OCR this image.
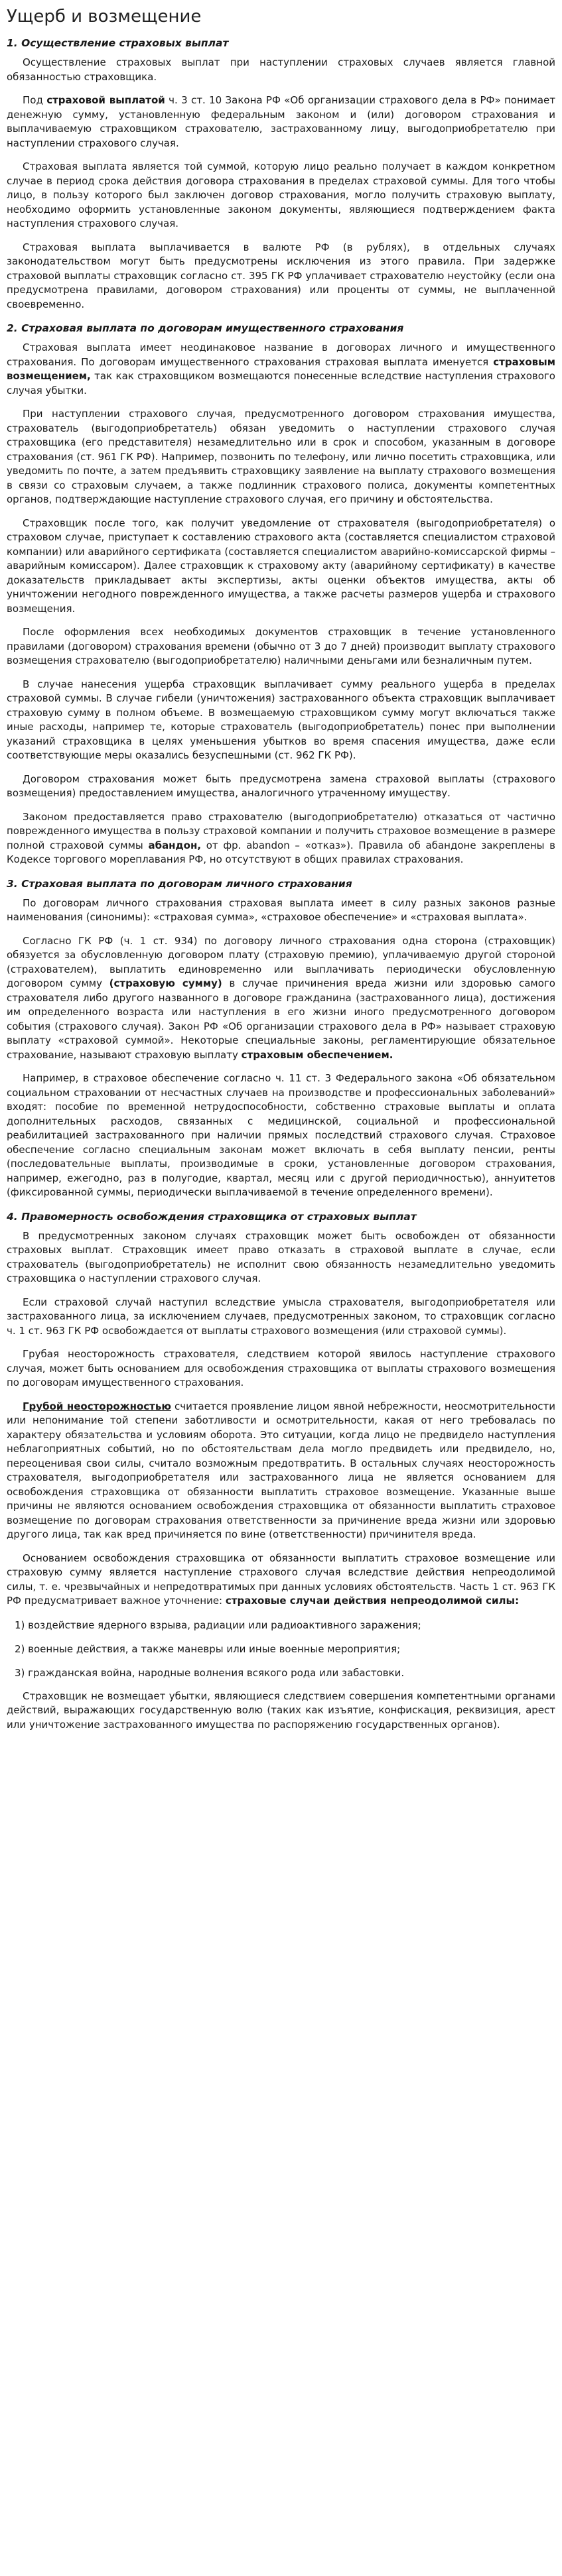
Ущерб и возмещение
1. Осуществление страховых выплат

Осуществление страховых выплат при наступлении страховых случаев является главной обязанностью страховщика.

Под страховой выплатой ч. 3 ст. 10 Закона РФ «Об организации страхового дела в РФ» понимает денежную сумму, установленную федеральным законом и (или) договором страхования и выплачиваемую страховщиком страхователю, застрахованному лицу, выгодоприобретателю при наступлении страхового случая.

Страховая выплата является той суммой, которую лицо реально получает в каждом конкретном случае в период срока действия договора страхования в пределах страховой суммы. Для того чтобы лицо, в пользу которого был заключен договор страхования, могло получить страховую выплату, необходимо оформить установленные законом документы, являющиеся подтверждением факта наступления страхового случая.

Страховая выплата выплачивается в валюте РФ (в рублях), в отдельных случаях законодательством могут быть предусмотрены исключения из этого правила. При задержке страховой выплаты страховщик согласно ст. 395 ГК РФ уплачивает страхователю неустойку (если она предусмотрена правилами, договором страхования) или проценты от суммы, не выплаченной своевременно.

2. Страховая выплата по договорам имущественного страхования

Страховая выплата имеет неодинаковое название в договорах личного и имущественного страхования. По договорам имущественного страхования страховая выплата именуется страховым возмещением, так как страховщиком возмещаются понесенные вследствие наступления страхового случая убытки.

При наступлении страхового случая, предусмотренного договором страхования имущества, страхователь (выгодоприобретатель) обязан уведомить о наступлении страхового случая страховщика (его представителя) незамедлительно или в срок и способом, указанным в договоре страхования (ст. 961 ГК РФ). Например, позвонить по телефону, или лично посетить страховщика, или уведомить по почте, а затем предъявить страховщику заявление на выплату страхового возмещения в связи со страховым случаем, а также подлинник страхового полиса, документы компетентных органов, подтверждающие наступление страхового случая, его причину и обстоятельства.

Страховщик после того, как получит уведомление от страхователя (выгодоприобретателя) о страховом случае, приступает к составлению страхового акта (составляется специалистом страховой компании) или аварийного сертификата (составляется специалистом аварийно-комиссарской фирмы – аварийным комиссаром). Далее страховщик к страховому акту (аварийному сертификату) в качестве доказательств прикладывает акты экспертизы, акты оценки объектов имущества, акты об уничтожении негодного поврежденного имущества, а также расчеты размеров ущерба и страхового возмещения.

После оформления всех необходимых документов страховщик в течение установленного правилами (договором) страхования времени (обычно от 3 до 7 дней) производит выплату страхового возмещения страхователю (выгодоприобретателю) наличными деньгами или безналичным путем.

В случае нанесения ущерба страховщик выплачивает сумму реального ущерба в пределах страховой суммы. В случае гибели (уничтожения) застрахованного объекта страховщик выплачивает страховую сумму в полном объеме. В возмещаемую страховщиком сумму могут включаться также иные расходы, например те, которые страхователь (выгодоприобретатель) понес при выполнении указаний страховщика в целях уменьшения убытков во время спасения имущества, даже если соответствующие меры оказались безуспешными (ст. 962 ГК РФ).

Договором страхования может быть предусмотрена замена страховой выплаты (страхового возмещения) предоставлением имущества, аналогичного утраченному имуществу.

Законом предоставляется право страхователю (выгодоприобретателю) отказаться от частично поврежденного имущества в пользу страховой компании и получить страховое возмещение в размере полной страховой суммы абандон, от фр. abandon – «отказ»). Правила об абандоне закреплены в Кодексе торгового мореплавания РФ, но отсутствуют в общих правилах страхования.

3. Страховая выплата по договорам личного страхования

По договорам личного страхования страховая выплата имеет в силу разных законов разные наименования (синонимы): «страховая сумма», «страховое обеспечение» и «страховая выплата».

Согласно ГК РФ (ч. 1 ст. 934) по договору личного страхования одна сторона (страховщик) обязуется за обусловленную договором плату (страховую премию), уплачиваемую другой стороной (страхователем), выплатить единовременно или выплачивать периодически обусловленную договором сумму (страховую сумму) в случае причинения вреда жизни или здоровью самого страхователя либо другого названного в договоре гражданина (застрахованного лица), достижения им определенного возраста или наступления в его жизни иного предусмотренного договором события (страхового случая). Закон РФ «Об организации страхового дела в РФ» называет страховую выплату «страховой суммой». Некоторые специальные законы, регламентирующие обязательное страхование, называют страховую выплату страховым обеспечением.

Например, в страховое обеспечение согласно ч. 11 ст. 3 Федерального закона «Об обязательном социальном страховании от несчастных случаев на производстве и профессиональных заболеваний» входят: пособие по временной нетрудоспособности, собственно страховые выплаты и оплата дополнительных расходов, связанных с медицинской, социальной и профессиональной реабилитацией застрахованного при наличии прямых последствий страхового случая. Страховое обеспечение согласно специальным законам может включать в себя выплату пенсии, ренты (последовательные выплаты, производимые в сроки, установленные договором страхования, например, ежегодно, раз в полугодие, квартал, месяц или с другой периодичностью), аннуитетов (фиксированной суммы, периодически выплачиваемой в течение определенного времени).

4. Правомерность освобождения страховщика от страховых выплат

В предусмотренных законом случаях страховщик может быть освобожден от обязанности страховых выплат. Страховщик имеет право отказать в страховой выплате в случае, если страхователь (выгодоприобретатель) не исполнит свою обязанность незамедлительно уведомить страховщика о наступлении страхового случая.

Если страховой случай наступил вследствие умысла страхователя, выгодоприобретателя или застрахованного лица, за исключением случаев, предусмотренных законом, то страховщик согласно ч. 1 ст. 963 ГК РФ освобождается от выплаты страхового возмещения (или страховой суммы).

Грубая неосторожность страхователя, следствием которой явилось наступление страхового случая, может быть основанием для освобождения страховщика от выплаты страхового возмещения по договорам имущественного страхования.

Грубой неосторожностью считается проявление лицом явной небрежности, неосмотрительности или непонимание той степени заботливости и осмотрительности, какая от него требовалась по характеру обязательства и условиям оборота. Это ситуации, когда лицо не предвидело наступления неблагоприятных событий, но по обстоятельствам дела могло предвидеть или предвидело, но, переоценивая свои силы, считало возможным предотвратить. В остальных случаях неосторожность страхователя, выгодоприобретателя или застрахованного лица не является основанием для освобождения страховщика от обязанности выплатить страховое возмещение. Указанные выше причины не являются основанием освобождения страховщика от обязанности выплатить страховое возмещение по договорам страхования ответственности за причинение вреда жизни или здоровью другого лица, так как вред причиняется по вине (ответственности) причинителя вреда.

Основанием освобождения страховщика от обязанности выплатить страховое возмещение или страховую сумму является наступление страхового случая вследствие действия непреодолимой силы, т. е. чрезвычайных и непредотвратимых при данных условиях обстоятельств. Часть 1 ст. 963 ГК РФ предусматривает важное уточнение: страховые случаи действия непреодолимой силы:

1) воздействие ядерного взрыва, радиации или радиоактивного заражения;
2) военные действия, а также маневры или иные военные мероприятия;
3) гражданская война, народные волнения всякого рода или забастовки.

Страховщик не возмещает убытки, являющиеся следствием совершения компетентными органами действий, выражающих государственную волю (таких как изъятие, конфискация, реквизиция, арест или уничтожение застрахованного имущества по распоряжению государственных органов).
